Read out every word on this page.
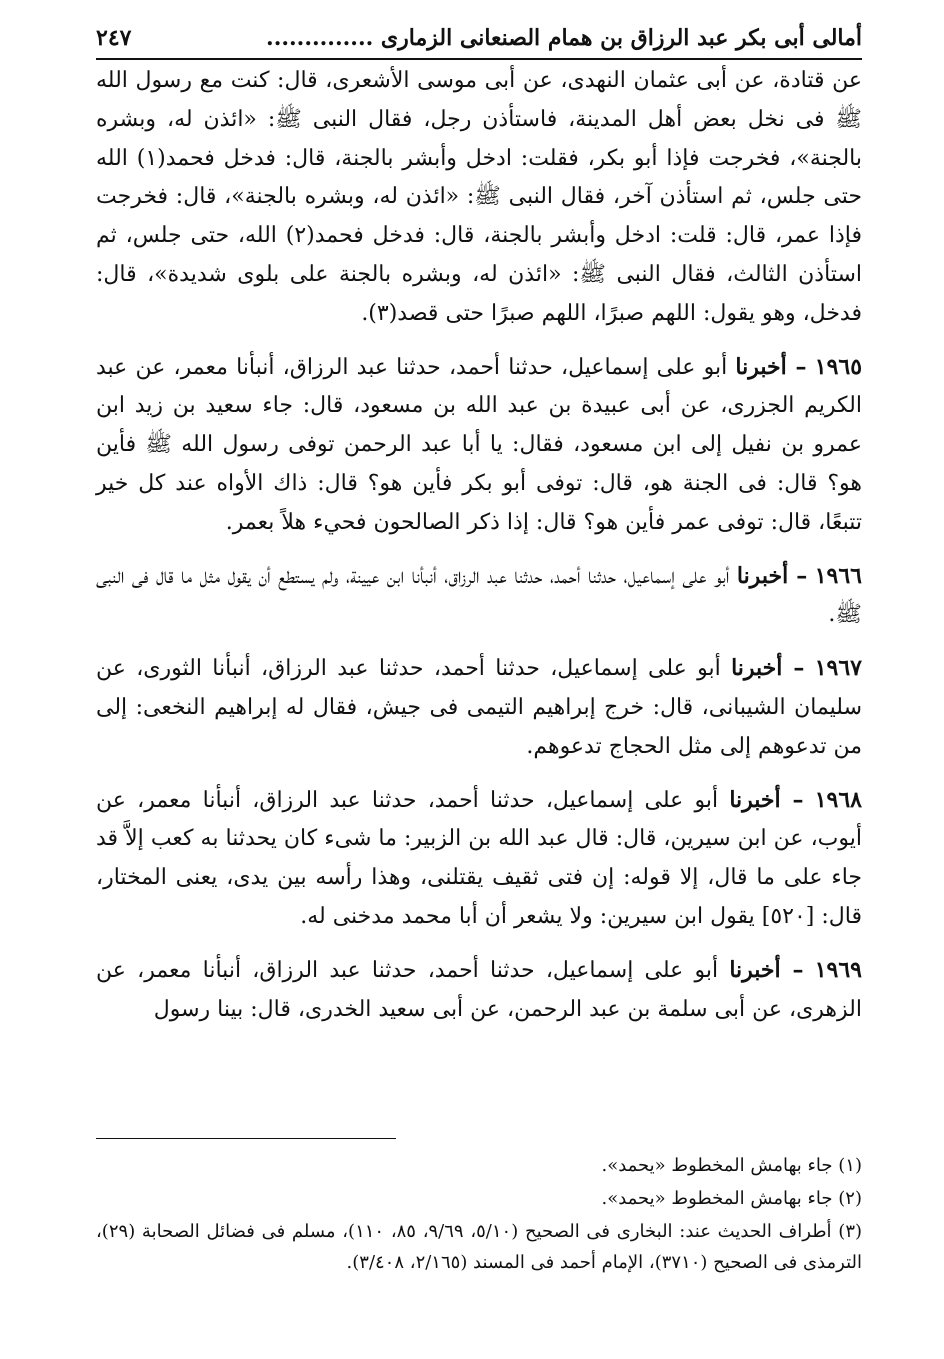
أمالى أبى بكر عبد الرزاق بن همام الصنعانى الزمارى ..............
٢٤٧

عن قتادة، عن أبى عثمان النهدى، عن أبى موسى الأشعرى، قال: كنت مع رسول الله ﷺ فى نخل بعض أهل المدينة، فاستأذن رجل، فقال النبى ﷺ: «ائذن له، وبشره بالجنة»، فخرجت فإذا أبو بكر، فقلت: ادخل وأبشر بالجنة، قال: فدخل فحمد(١) الله حتى جلس، ثم استأذن آخر، فقال النبى ﷺ: «ائذن له، وبشره بالجنة»، قال: فخرجت فإذا عمر، قال: قلت: ادخل وأبشر بالجنة، قال: فدخل فحمد(٢) الله، حتى جلس، ثم استأذن الثالث، فقال النبى ﷺ: «ائذن له، وبشره بالجنة على بلوى شديدة»، قال: فدخل، وهو يقول: اللهم صبرًا، اللهم صبرًا حتى قصد(٣).

١٩٦٥ – أخبرنا أبو على إسماعيل، حدثنا أحمد، حدثنا عبد الرزاق، أنبأنا معمر، عن عبد الكريم الجزرى، عن أبى عبيدة بن عبد الله بن مسعود، قال: جاء سعيد بن زيد ابن عمرو بن نفيل إلى ابن مسعود، فقال: يا أبا عبد الرحمن توفى رسول الله ﷺ فأين هو؟ قال: فى الجنة هو، قال: توفى أبو بكر فأين هو؟ قال: ذاك الأواه عند كل خير تتبعًا، قال: توفى عمر فأين هو؟ قال: إذا ذكر الصالحون فحيء هلاً بعمر.

١٩٦٦ – أخبرنا أبو على إسماعيل، حدثنا أحمد، حدثنا عبد الرزاق، أنبأنا ابن عيينة، ولم يستطع أن يقول مثل ما قال فى النبى ﷺ.

١٩٦٧ – أخبرنا أبو على إسماعيل، حدثنا أحمد، حدثنا عبد الرزاق، أنبأنا الثورى، عن سليمان الشيبانى، قال: خرج إبراهيم التيمى فى جيش، فقال له إبراهيم النخعى: إلى من تدعوهم إلى مثل الحجاج تدعوهم.

١٩٦٨ – أخبرنا أبو على إسماعيل، حدثنا أحمد، حدثنا عبد الرزاق، أنبأنا معمر، عن أيوب، عن ابن سيرين، قال: قال عبد الله بن الزبير: ما شىء كان يحدثنا به كعب إلاَّ قد جاء على ما قال، إلا قوله: إن فتى ثقيف يقتلنى، وهذا رأسه بين يدى، يعنى المختار، قال: [٥٢٠] يقول ابن سيرين: ولا يشعر أن أبا محمد مدخنى له.

١٩٦٩ – أخبرنا أبو على إسماعيل، حدثنا أحمد، حدثنا عبد الرزاق، أنبأنا معمر، عن الزهرى، عن أبى سلمة بن عبد الرحمن، عن أبى سعيد الخدرى، قال: بينا رسول

(١) جاء بهامش المخطوط «يحمد».

(٢) جاء بهامش المخطوط «يحمد».

(٣) أطراف الحديث عند: البخارى فى الصحيح (٥/١٠، ٩/٦٩، ٨٥، ١١٠)، مسلم فى فضائل الصحابة (٢٩)، الترمذى فى الصحيح (٣٧١٠)، الإمام أحمد فى المسند (٢/١٦٥، ٣/٤٠٨).
